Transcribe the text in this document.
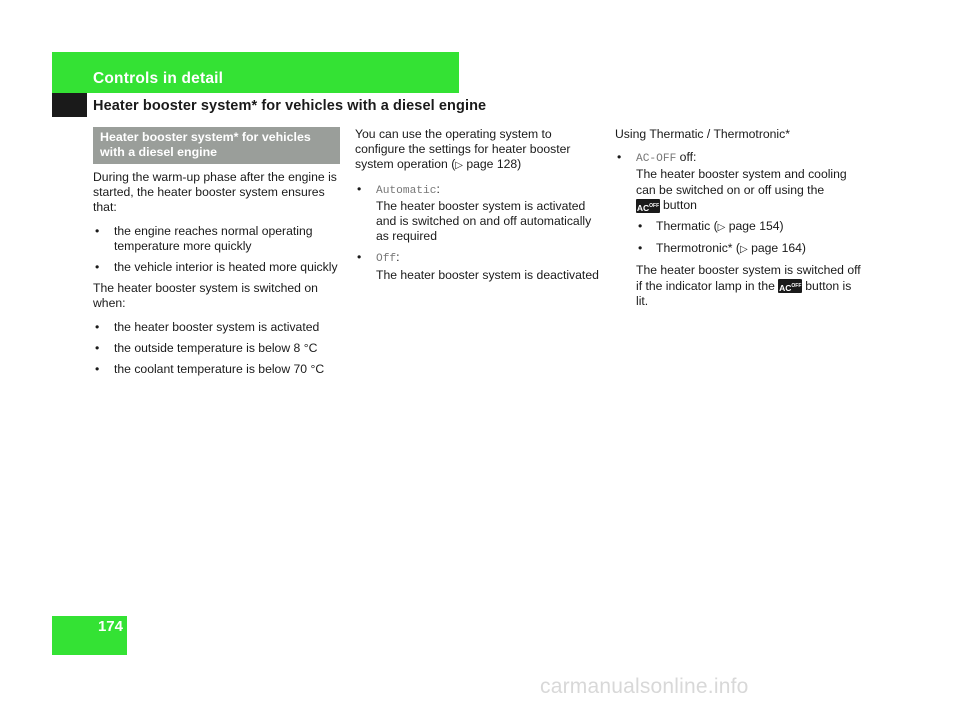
Controls in detail
Heater booster system* for vehicles with a diesel engine
174
Heater booster system* for vehicles with a diesel engine

During the warm-up phase after the engine is started, the heater booster system ensures that:

• the engine reaches normal operating temperature more quickly
• the vehicle interior is heated more quickly

The heater booster system is switched on when:

• the heater booster system is activated
• the outside temperature is below 8 °C
• the coolant temperature is below 70 °C

You can use the operating system to configure the settings for heater booster system operation (▷ page 128)

• Automatic:
The heater booster system is activated and is switched on and off automatically as required
• Off:
The heater booster system is deactivated

Using Thermatic / Thermotronic*

• AC-OFF off:
The heater booster system and cooling can be switched on or off using the
$AC^{OFF}$ button
• Thermatic (▷ page 154)
• Thermotronic* (▷ page 164)

The heater booster system is switched off if the indicator lamp in the $AC^{OFF}$ button is lit.

carmanualsonline.info
